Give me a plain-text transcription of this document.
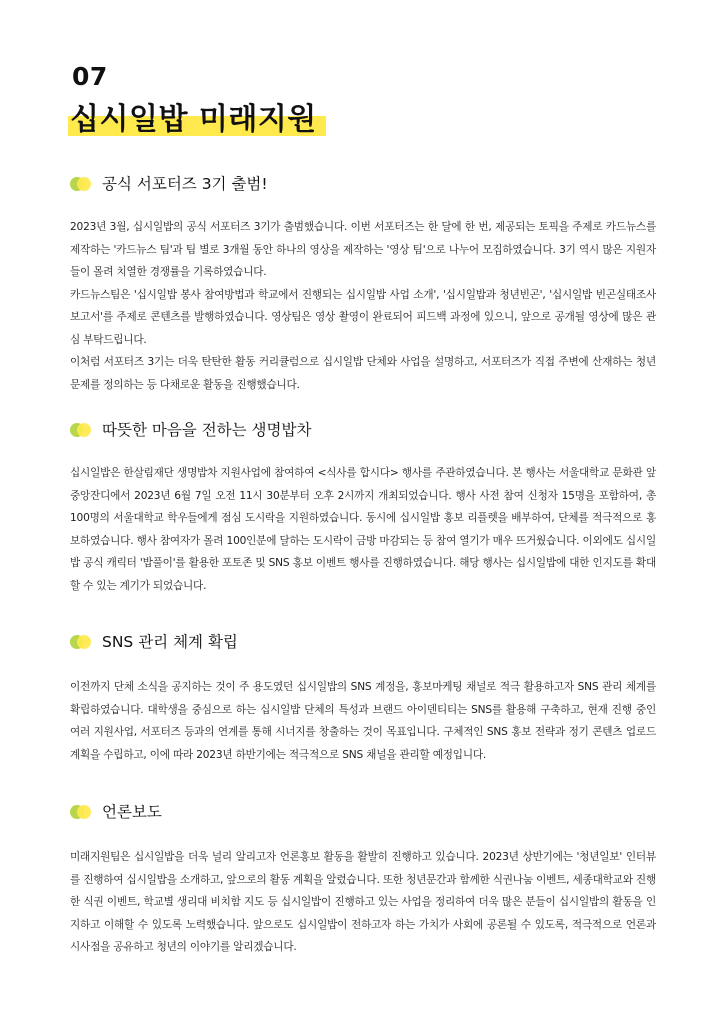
07
십시일밥 미래지원
공식 서포터즈 3기 출범!

2023년 3월, 십시일밥의 공식 서포터즈 3기가 출범했습니다. 이번 서포터즈는 한 달에 한 번, 제공되는 토픽을 주제로 카드뉴스를 제작하는 '카드뉴스 팀'과 팀 별로 3개월 동안 하나의 영상을 제작하는 '영상 팀'으로 나누어 모집하였습니다. 3기 역시 많은 지원자들이 몰려 치열한 경쟁률을 기록하였습니다.

카드뉴스팀은 '십시일밥 봉사 참여방법과 학교에서 진행되는 십시일밥 사업 소개', '십시일밥과 청년빈곤', '십시일밥 빈곤실태조사보고서'를 주제로 콘텐츠를 발행하였습니다. 영상팀은 영상 촬영이 완료되어 피드백 과정에 있으니, 앞으로 공개될 영상에 많은 관심 부탁드립니다.

이처럼 서포터즈 3기는 더욱 탄탄한 활동 커리큘럼으로 십시일밥 단체와 사업을 설명하고, 서포터즈가 직접 주변에 산재하는 청년 문제를 정의하는 등 다채로운 활동을 진행했습니다.

따뜻한 마음을 전하는 생명밥차

십시일밥은 한살림재단 생명밥차 지원사업에 참여하여 <식사를 합시다> 행사를 주관하였습니다. 본 행사는 서울대학교 문화관 앞 중앙잔디에서 2023년 6월 7일 오전 11시 30분부터 오후 2시까지 개최되었습니다. 행사 사전 참여 신청자 15명을 포함하여, 총 100명의 서울대학교 학우들에게 점심 도시락을 지원하였습니다. 동시에 십시일밥 홍보 리플렛을 배부하여, 단체를 적극적으로 홍보하였습니다. 행사 참여자가 몰려 100인분에 달하는 도시락이 금방 마감되는 등 참여 열기가 매우 뜨거웠습니다. 이외에도 십시일밥 공식 캐릭터 '밥풀이'를 활용한 포토존 및 SNS 홍보 이벤트 행사를 진행하였습니다. 해당 행사는 십시일밥에 대한 인지도를 확대할 수 있는 계기가 되었습니다.

SNS 관리 체계 확립

이전까지 단체 소식을 공지하는 것이 주 용도였던 십시일밥의 SNS 계정을, 홍보마케팅 채널로 적극 활용하고자 SNS 관리 체계를 확립하였습니다. 대학생을 중심으로 하는 십시일밥 단체의 특성과 브랜드 아이덴티티는 SNS를 활용해 구축하고, 현재 진행 중인 여러 지원사업, 서포터즈 등과의 연계를 통해 시너지를 창출하는 것이 목표입니다. 구체적인 SNS 홍보 전략과 정기 콘텐츠 업로드 계획을 수립하고, 이에 따라 2023년 하반기에는 적극적으로 SNS 채널을 관리할 예정입니다.

언론보도

미래지원팀은 십시일밥을 더욱 널리 알리고자 언론홍보 활동을 활발히 진행하고 있습니다. 2023년 상반기에는 '청년일보' 인터뷰를 진행하여 십시일밥을 소개하고, 앞으로의 활동 계획을 알렸습니다. 또한 청년문간과 함께한 식권나눔 이벤트, 세종대학교와 진행한 식권 이벤트, 학교별 생리대 비치함 지도 등 십시일밥이 진행하고 있는 사업을 정리하여 더욱 많은 분들이 십시일밥의 활동을 인지하고 이해할 수 있도록 노력했습니다. 앞으로도 십시일밥이 전하고자 하는 가치가 사회에 공론될 수 있도록, 적극적으로 언론과 시사점을 공유하고 청년의 이야기를 알리겠습니다.
